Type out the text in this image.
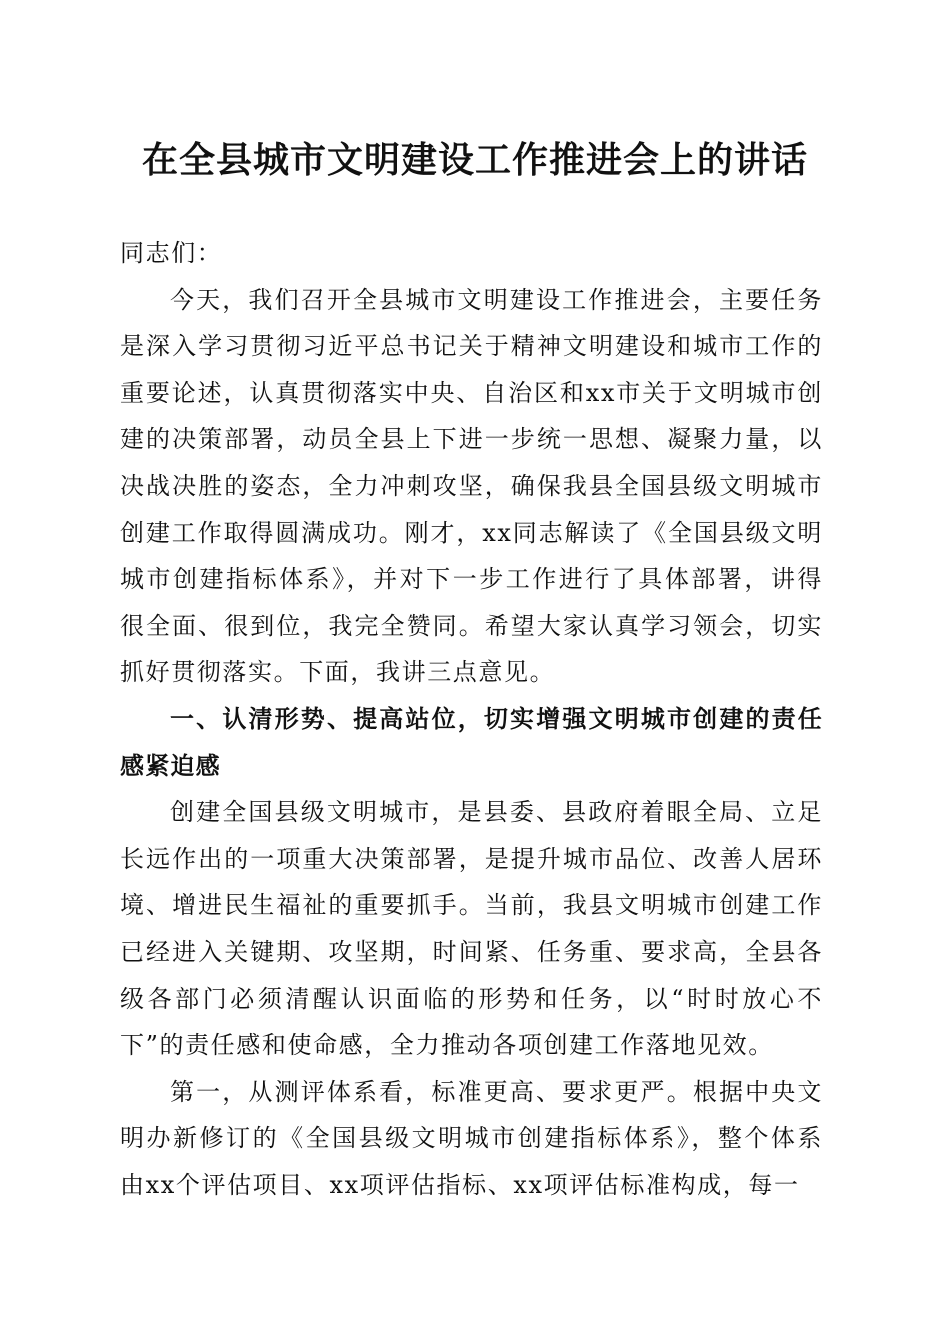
在全县城市文明建设工作推进会上的讲话

同志们：

今天，我们召开全县城市文明建设工作推进会，主要任务是深入学习贯彻习近平总书记关于精神文明建设和城市工作的重要论述，认真贯彻落实中央、自治区和xx市关于文明城市创建的决策部署，动员全县上下进一步统一思想、凝聚力量，以决战决胜的姿态，全力冲刺攻坚，确保我县全国县级文明城市创建工作取得圆满成功。刚才，xx同志解读了《全国县级文明城市创建指标体系》，并对下一步工作进行了具体部署，讲得很全面、很到位，我完全赞同。希望大家认真学习领会，切实抓好贯彻落实。下面，我讲三点意见。

一、认清形势、提高站位，切实增强文明城市创建的责任感紧迫感

创建全国县级文明城市，是县委、县政府着眼全局、立足长远作出的一项重大决策部署，是提升城市品位、改善人居环境、增进民生福祉的重要抓手。当前，我县文明城市创建工作已经进入关键期、攻坚期，时间紧、任务重、要求高，全县各级各部门必须清醒认识面临的形势和任务，以“时时放心不下”的责任感和使命感，全力推动各项创建工作落地见效。

第一，从测评体系看，标准更高、要求更严。根据中央文明办新修订的《全国县级文明城市创建指标体系》，整个体系由xx个评估项目、xx项评估指标、xx项评估标准构成，每一
